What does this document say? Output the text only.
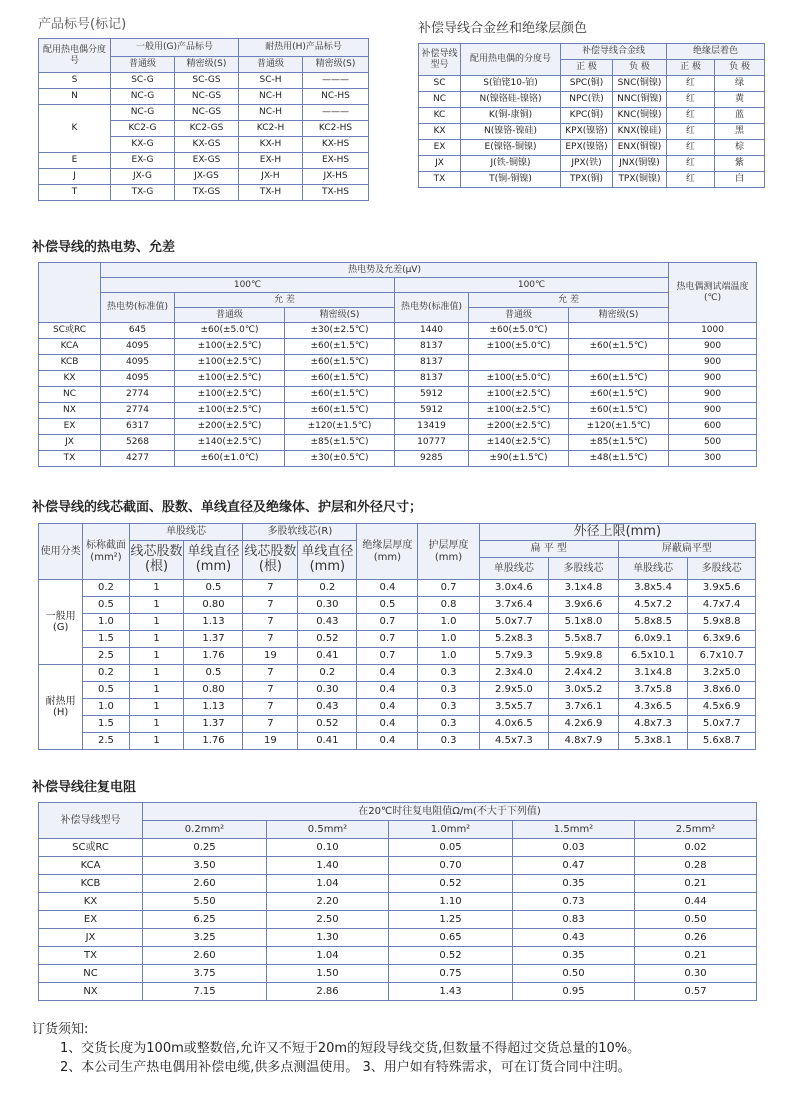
产品标号(标记)
配用热电偶分度号	一般用(G)产品标号		耐热用(H)产品标号	
	普通级	精密级(S)	普通级	精密级(S)
S	SC-G	SC-GS	SC-H	———
N	NC-G	NC-GS	NC-H	NC-HS
K	NC-G	NC-GS	NC-H	———
	KC2-G	KC2-GS	KC2-H	KC2-HS
	KX-G	KX-GS	KX-H	KX-HS
E	EX-G	EX-GS	EX-H	EX-HS
J	JX-G	JX-GS	JX-H	JX-HS
T	TX-G	TX-GS	TX-H	TX-HS
补偿导线合金丝和绝缘层颜色
补偿导线型号	配用热电偶的分度号	补偿导线合金线		绝缘层着色	
		正 极	负 极	正 极	负 极
SC	S(铂铑10-铂)	SPC(铜)	SNC(铜镍)	红	绿
NC	N(镍铬硅-镍铬)	NPC(铁)	NNC(铜镍)	红	黄
KC	K(铜-康铜)	KPC(铜)	KNC(铜镍)	红	蓝
KX	N(镍铬-镍硅)	KPX(镍铬)	KNX(镍硅)	红	黑
EX	E(镍铬-铜镍)	EPX(镍铬)	ENX(铜镍)	红	棕
JX	J(铁-铜镍)	JPX(铁)	JNX(铜镍)	红	紫
TX	T(铜-铜镍)	TPX(铜)	TPX(铜镍)	红	白
补偿导线的热电势、允差
	热电势及允差(μV)						热电偶测试端温度(℃)
	100℃			100℃			
	热电势(标准值)	允 差		热电势(标准值)	允 差		
		普通级	精密级(S)		普通级	精密级(S)	
SC或RC	645	±60(±5.0℃)	±30(±2.5℃)	1440	±60(±5.0℃)		1000
KCA	4095	±100(±2.5℃)	±60(±1.5℃)	8137	±100(±5.0℃)	±60(±1.5℃)	900
KCB	4095	±100(±2.5℃)	±60(±1.5℃)	8137			900
KX	4095	±100(±2.5℃)	±60(±1.5℃)	8137	±100(±5.0℃)	±60(±1.5℃)	900
NC	2774	±100(±2.5℃)	±60(±1.5℃)	5912	±100(±2.5℃)	±60(±1.5℃)	900
NX	2774	±100(±2.5℃)	±60(±1.5℃)	5912	±100(±2.5℃)	±60(±1.5℃)	900
EX	6317	±200(±2.5℃)	±120(±1.5℃)	13419	±200(±2.5℃)	±120(±1.5℃)	600
JX	5268	±140(±2.5℃)	±85(±1.5℃)	10777	±140(±2.5℃)	±85(±1.5℃)	500
TX	4277	±60(±1.0℃)	±30(±0.5℃)	9285	±90(±1.5℃)	±48(±1.5℃)	300
补偿导线的线芯截面、股数、单线直径及绝缘体、护层和外径尺寸；
使用分类	标称截面(mm²)	单股线芯		多股软线芯(R)		绝缘层厚度(mm)	护层厚度(mm)	外径上限(mm)			
		线芯股数(根)	单线直径(mm)	线芯股数(根)	单线直径(mm)			扁 平 型		屏蔽扁平型	
								单股线芯	多股线芯	单股线芯	多股线芯
一般用(G)	0.2	1	0.5	7	0.2	0.4	0.7	3.0x4.6	3.1x4.8	3.8x5.4	3.9x5.6
	0.5	1	0.80	7	0.30	0.5	0.8	3.7x6.4	3.9x6.6	4.5x7.2	4.7x7.4
	1.0	1	1.13	7	0.43	0.7	1.0	5.0x7.7	5.1x8.0	5.8x8.5	5.9x8.8
	1.5	1	1.37	7	0.52	0.7	1.0	5.2x8.3	5.5x8.7	6.0x9.1	6.3x9.6
	2.5	1	1.76	19	0.41	0.7	1.0	5.7x9.3	5.9x9.8	6.5x10.1	6.7x10.7
耐热用(H)	0.2	1	0.5	7	0.2	0.4	0.3	2.3x4.0	2.4x4.2	3.1x4.8	3.2x5.0
	0.5	1	0.80	7	0.30	0.4	0.3	2.9x5.0	3.0x5.2	3.7x5.8	3.8x6.0
	1.0	1	1.13	7	0.43	0.4	0.3	3.5x5.7	3.7x6.1	4.3x6.5	4.5x6.9
	1.5	1	1.37	7	0.52	0.4	0.3	4.0x6.5	4.2x6.9	4.8x7.3	5.0x7.7
	2.5	1	1.76	19	0.41	0.4	0.3	4.5x7.3	4.8x7.9	5.3x8.1	5.6x8.7
补偿导线往复电阻
补偿导线型号	在20℃时往复电阻值Ω/m(不大于下列值)				
	0.2mm²	0.5mm²	1.0mm²	1.5mm²	2.5mm²
SC或RC	0.25	0.10	0.05	0.03	0.02
KCA	3.50	1.40	0.70	0.47	0.28
KCB	2.60	1.04	0.52	0.35	0.21
KX	5.50	2.20	1.10	0.73	0.44
EX	6.25	2.50	1.25	0.83	0.50
JX	3.25	1.30	0.65	0.43	0.26
TX	2.60	1.04	0.52	0.35	0.21
NC	3.75	1.50	0.75	0.50	0.30
NX	7.15	2.86	1.43	0.95	0.57
订货须知:
1、交货长度为100m或整数倍,允许又不短于20m的短段导线交货,但数量不得超过交货总量的10%。
2、本公司生产热电偶用补偿电缆,供多点测温使用。 3、用户如有特殊需求，可在订货合同中注明。
